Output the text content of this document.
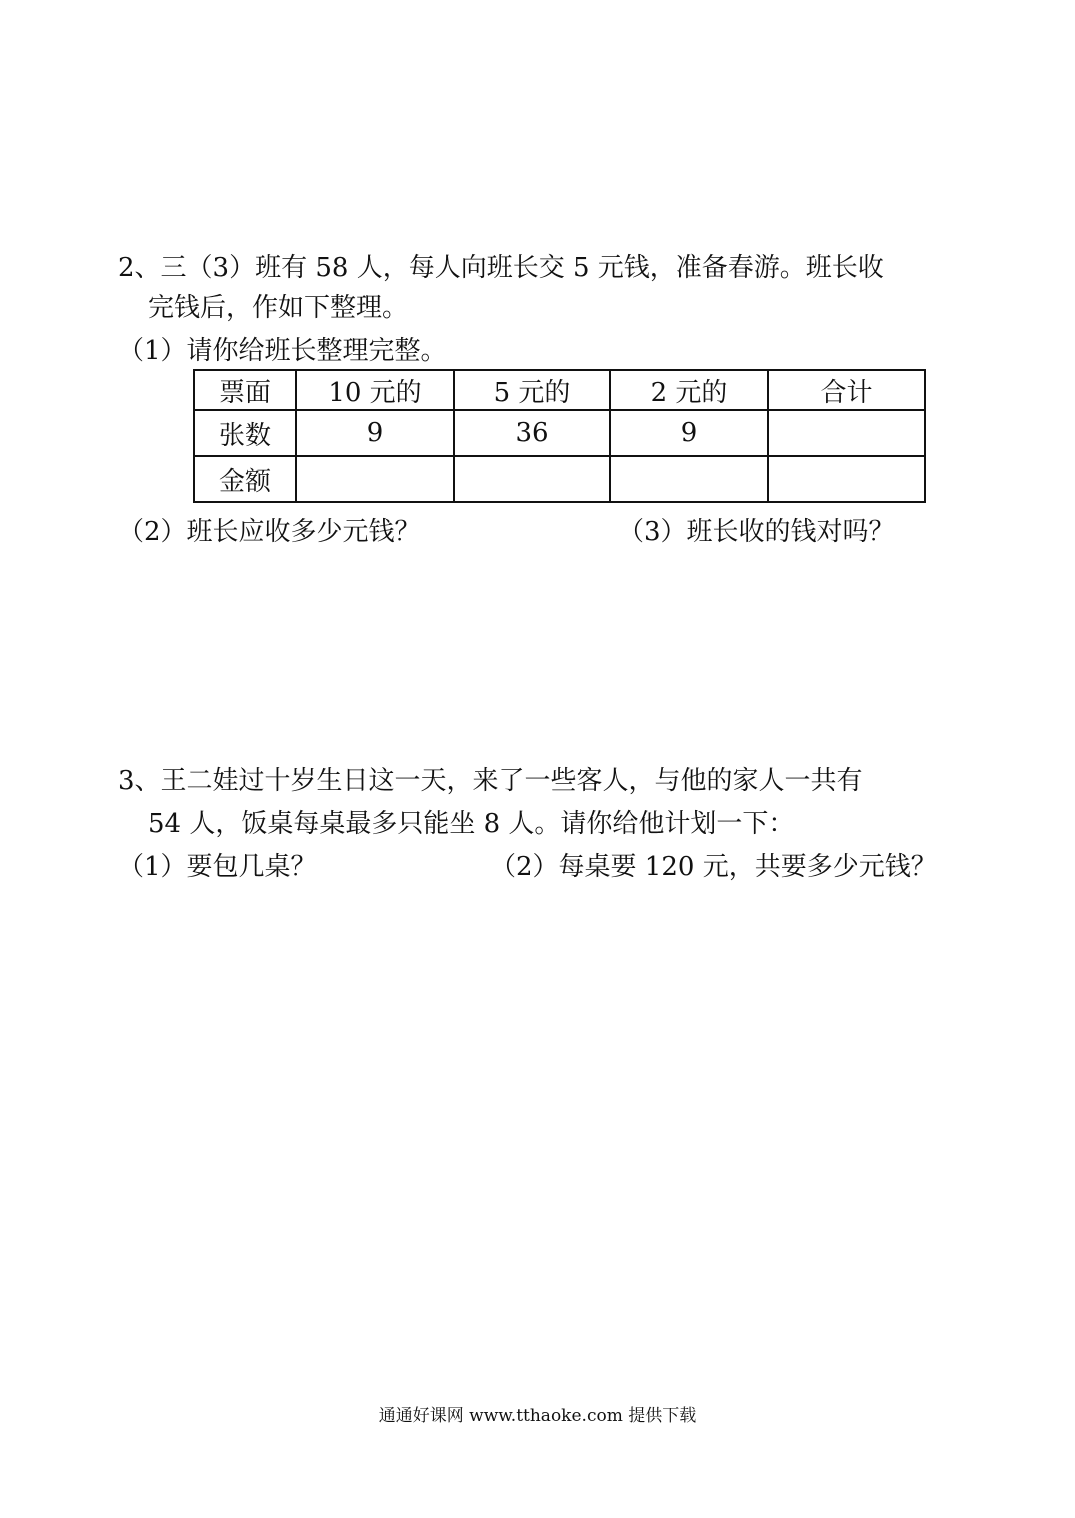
2、三（3）班有 58 人，每人向班长交 5 元钱，准备春游。班长收
完钱后，作如下整理。
（1）请你给班长整理完整。
票面	10 元的	5 元的	2 元的	合计
张数	9	36	9	
金额				
（2）班长应收多少元钱？	（3）班长收的钱对吗？
3、王二娃过十岁生日这一天，来了一些客人，与他的家人一共有
54 人，饭桌每桌最多只能坐 8 人。请你给他计划一下：
（1）要包几桌？	（2）每桌要 120 元，共要多少元钱？
通通好课网 www.tthaoke.com 提供下载
